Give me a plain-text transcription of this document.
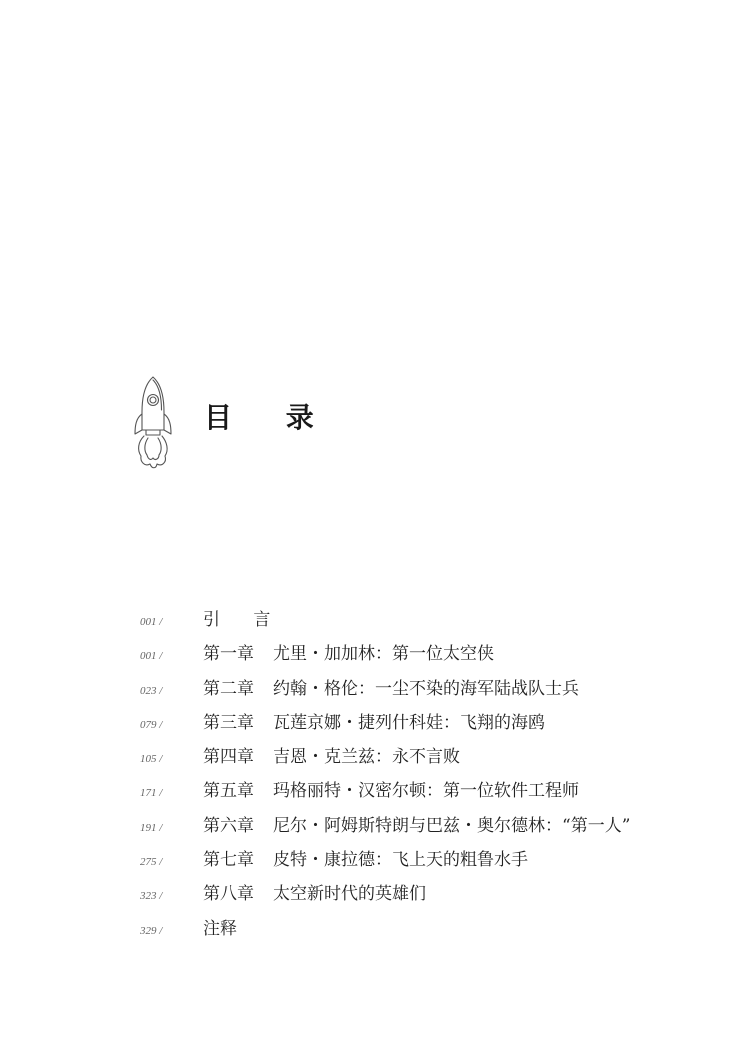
目 录
001 /	引 言
001 /	第一章	尤里・加加林：第一位太空侠
023 /	第二章	约翰・格伦：一尘不染的海军陆战队士兵
079 /	第三章	瓦莲京娜・捷列什科娃：飞翔的海鸥
105 /	第四章	吉恩・克兰兹：永不言败
171 /	第五章	玛格丽特・汉密尔顿：第一位软件工程师
191 /	第六章	尼尔・阿姆斯特朗与巴兹・奥尔德林：“第一人”
275 /	第七章	皮特・康拉德：飞上天的粗鲁水手
323 /	第八章	太空新时代的英雄们
329 /	注释
